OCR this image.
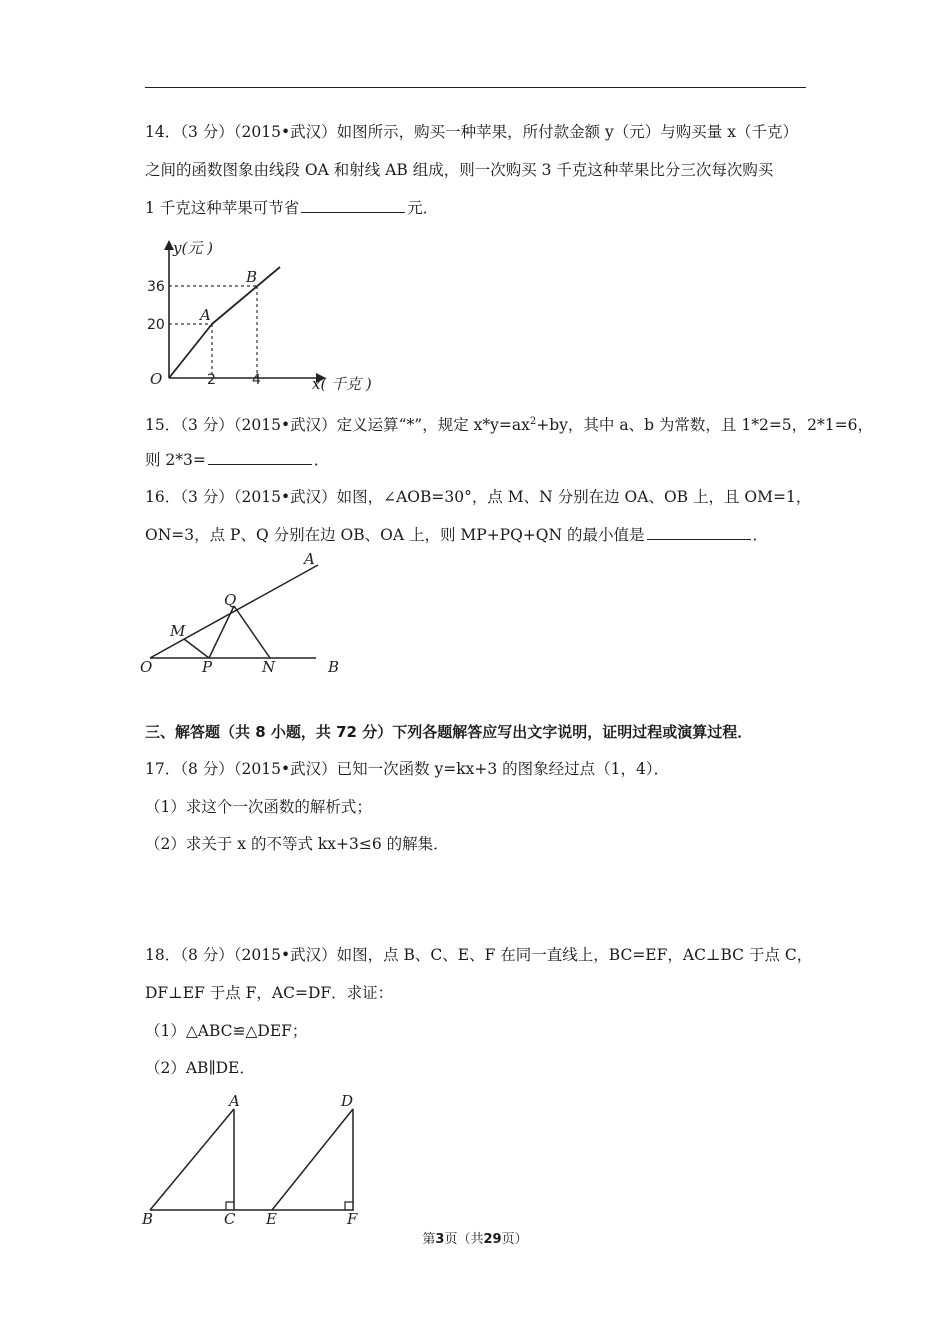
14．（3 分）（2015•武汉）如图所示，购买一种苹果，所付款金额 y（元）与购买量 x（千克）
之间的函数图象由线段 OA 和射线 AB 组成，则一次购买 3 千克这种苹果比分三次每次购买
1 千克这种苹果可节省	元．
y(元 )
x( 千克 )
O
A
B
36
20
2	4
15．（3 分）（2015•武汉）定义运算“*”，规定 $x*y=ax^2+by$，其中 a、b 为常数，且 1*2=5，2*1=6，
则 2*3=	．
16．（3 分）（2015•武汉）如图，∠AOB=30°，点 M、N 分别在边 OA、OB 上，且 OM=1，
ON=3，点 P、Q 分别在边 OB、OA 上，则 MP+PQ+QN 的最小值是	．
O
A
B
M
P
Q
N
三、解答题（共 8 小题，共 72 分）下列各题解答应写出文字说明，证明过程或演算过程．
17．（8 分）（2015•武汉）已知一次函数 y=kx+3 的图象经过点（1，4）．
（1）求这个一次函数的解析式；
（2）求关于 x 的不等式 kx+3≤6 的解集．
18．（8 分）（2015•武汉）如图，点 B、C、E、F 在同一直线上，BC=EF，AC⊥BC 于点 C，
DF⊥EF 于点 F，AC=DF．求证：
（1）△ABC≌△DEF；
（2）AB∥DE．
A
B	C
D
E	F
第3页（共29页）
